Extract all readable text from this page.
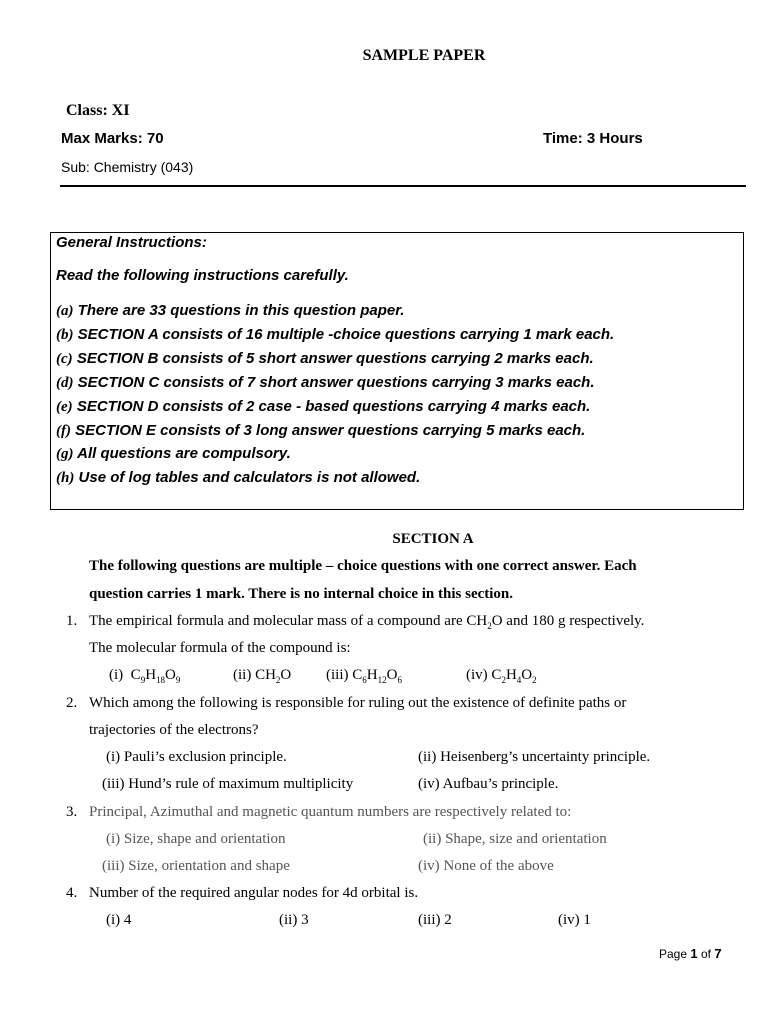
SAMPLE PAPER
Class: XI
Max Marks: 70	Time: 3 Hours
Sub: Chemistry (043)
General Instructions:
Read the following instructions carefully.
(a) There are 33 questions in this question paper.
(b) SECTION A consists of 16 multiple -choice questions carrying 1 mark each.
(c) SECTION B consists of 5 short answer questions carrying 2 marks each.
(d) SECTION C consists of 7 short answer questions carrying 3 marks each.
(e) SECTION D consists of 2 case - based questions carrying 4 marks each.
(f) SECTION E consists of 3 long answer questions carrying 5 marks each.
(g) All questions are compulsory.
(h) Use of log tables and calculators is not allowed.
SECTION A
The following questions are multiple – choice questions with one correct answer. Each
question carries 1 mark. There is no internal choice in this section.
1. The empirical formula and molecular mass of a compound are $CH_2O$ and 180 g respectively.
The molecular formula of the compound is:
(i) $C_9H_{18}O_9$	(ii) $CH_2O$ (iii) $C_6H_{12}O_6$	(iv) $C_2H_4O_2$
2. Which among the following is responsible for ruling out the existence of definite paths or
trajectories of the electrons?
(i) Pauli’s exclusion principle.	(ii) Heisenberg’s uncertainty principle.
(iii) Hund’s rule of maximum multiplicity	(iv) Aufbau’s principle.
3. Principal, Azimuthal and magnetic quantum numbers are respectively related to:
(i) Size, shape and orientation	(ii) Shape, size and orientation
(iii) Size, orientation and shape	(iv) None of the above
4. Number of the required angular nodes for 4d orbital is.
(i) 4	(ii) 3	(iii) 2	(iv) 1
Page 1 of 7
